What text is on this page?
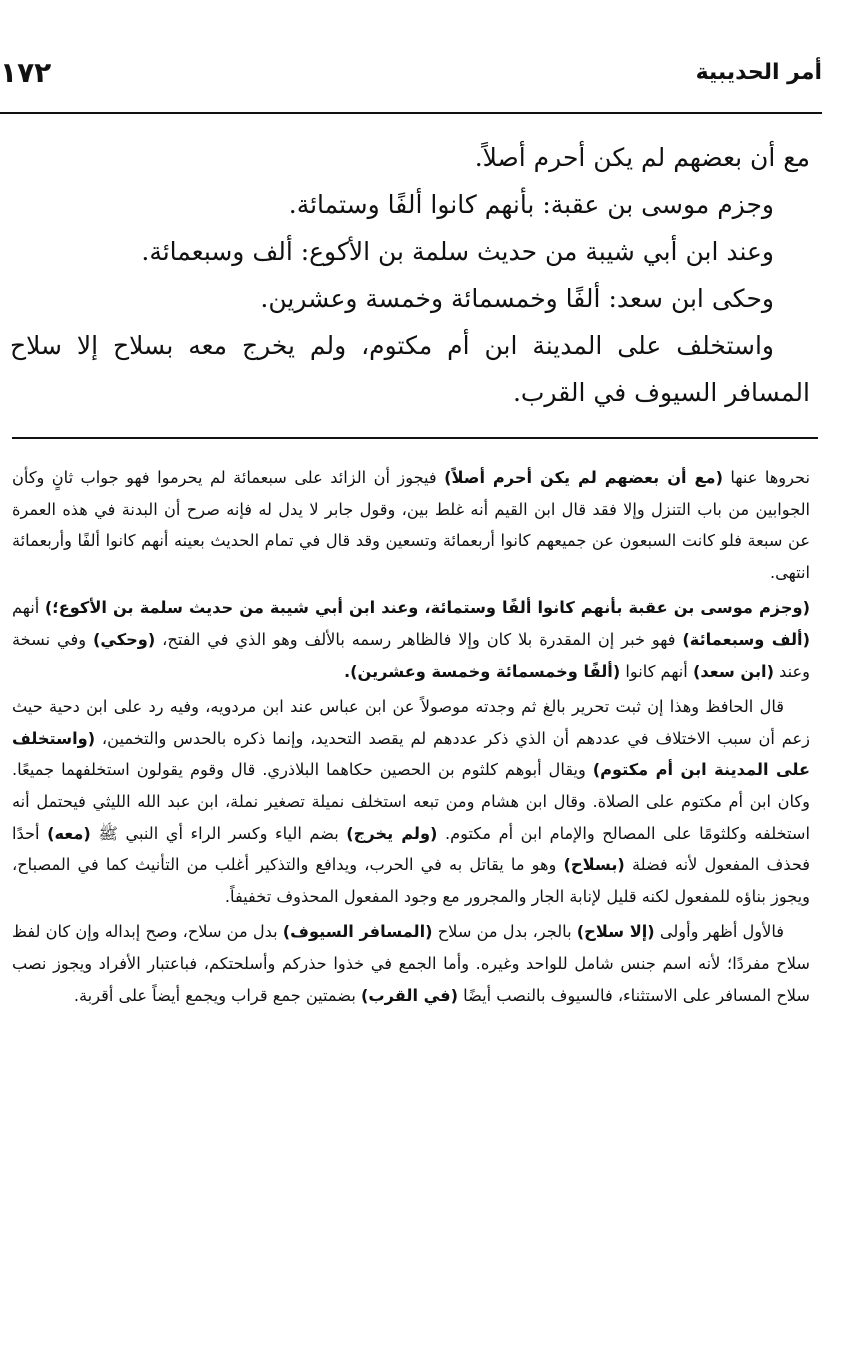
١٧٢	أمر الحديبية

مع أن بعضهم لم يكن أحرم أصلاً.

وجزم موسى بن عقبة: بأنهم كانوا ألفًا وستمائة.

وعند ابن أبي شيبة من حديث سلمة بن الأكوع: ألف وسبعمائة.

وحكى ابن سعد: ألفًا وخمسمائة وخمسة وعشرين.

واستخلف على المدينة ابن أم مكتوم، ولم يخرج معه بسلاح إلا سلاح المسافر السيوف في القرب.

نحروها عنها (مع أن بعضهم لم يكن أحرم أصلاً) فيجوز أن الزائد على سبعمائة لم يحرموا فهو جواب ثانٍ وكأن الجوابين من باب التنزل وإلا فقد قال ابن القيم أنه غلط بين، وقول جابر لا يدل له فإنه صرح أن البدنة في هذه العمرة عن سبعة فلو كانت السبعون عن جميعهم كانوا أربعمائة وتسعين وقد قال في تمام الحديث بعينه أنهم كانوا ألفًا وأربعمائة انتهى.

(وجزم موسى بن عقبة بأنهم كانوا ألفًا وستمائة، وعند ابن أبي شيبة من حديث سلمة بن الأكوع؛) أنهم (ألف وسبعمائة) فهو خبر إن المقدرة بلا كان وإلا فالظاهر رسمه بالألف وهو الذي في الفتح، (وحكي) وفي نسخة وعند (ابن سعد) أنهم كانوا (ألفًا وخمسمائة وخمسة وعشرين).

قال الحافظ وهذا إن ثبت تحرير بالغ ثم وجدته موصولاً عن ابن عباس عند ابن مردويه، وفيه رد على ابن دحية حيث زعم أن سبب الاختلاف في عددهم أن الذي ذكر عددهم لم يقصد التحديد، وإنما ذكره بالحدس والتخمين، (واستخلف على المدينة ابن أم مكتوم) ويقال أبوهم كلثوم بن الحصين حكاهما البلاذري. قال وقوم يقولون استخلفهما جميعًا. وكان ابن أم مكتوم على الصلاة. وقال ابن هشام ومن تبعه استخلف نميلة تصغير نملة، ابن عبد الله الليثي فيحتمل أنه استخلفه وكلثومًا على المصالح والإمام ابن أم مكتوم. (ولم يخرج) بضم الياء وكسر الراء أي النبي ﷺ (معه) أحدًا فحذف المفعول لأنه فضلة (بسلاح) وهو ما يقاتل به في الحرب، ويدافع والتذكير أغلب من التأنيث كما في المصباح، ويجوز بناؤه للمفعول لكنه قليل لإنابة الجار والمجرور مع وجود المفعول المحذوف تخفيفاً.

فالأول أظهر وأولى (إلا سلاح) بالجر، بدل من سلاح (المسافر السيوف) بدل من سلاح، وصح إبداله وإن كان لفظ سلاح مفردًا؛ لأنه اسم جنس شامل للواحد وغيره. وأما الجمع في خذوا حذركم وأسلحتكم، فباعتبار الأفراد ويجوز نصب سلاح المسافر على الاستثناء، فالسيوف بالنصب أيضًا (في القرب) بضمتين جمع قراب ويجمع أيضاً على أقربة.
